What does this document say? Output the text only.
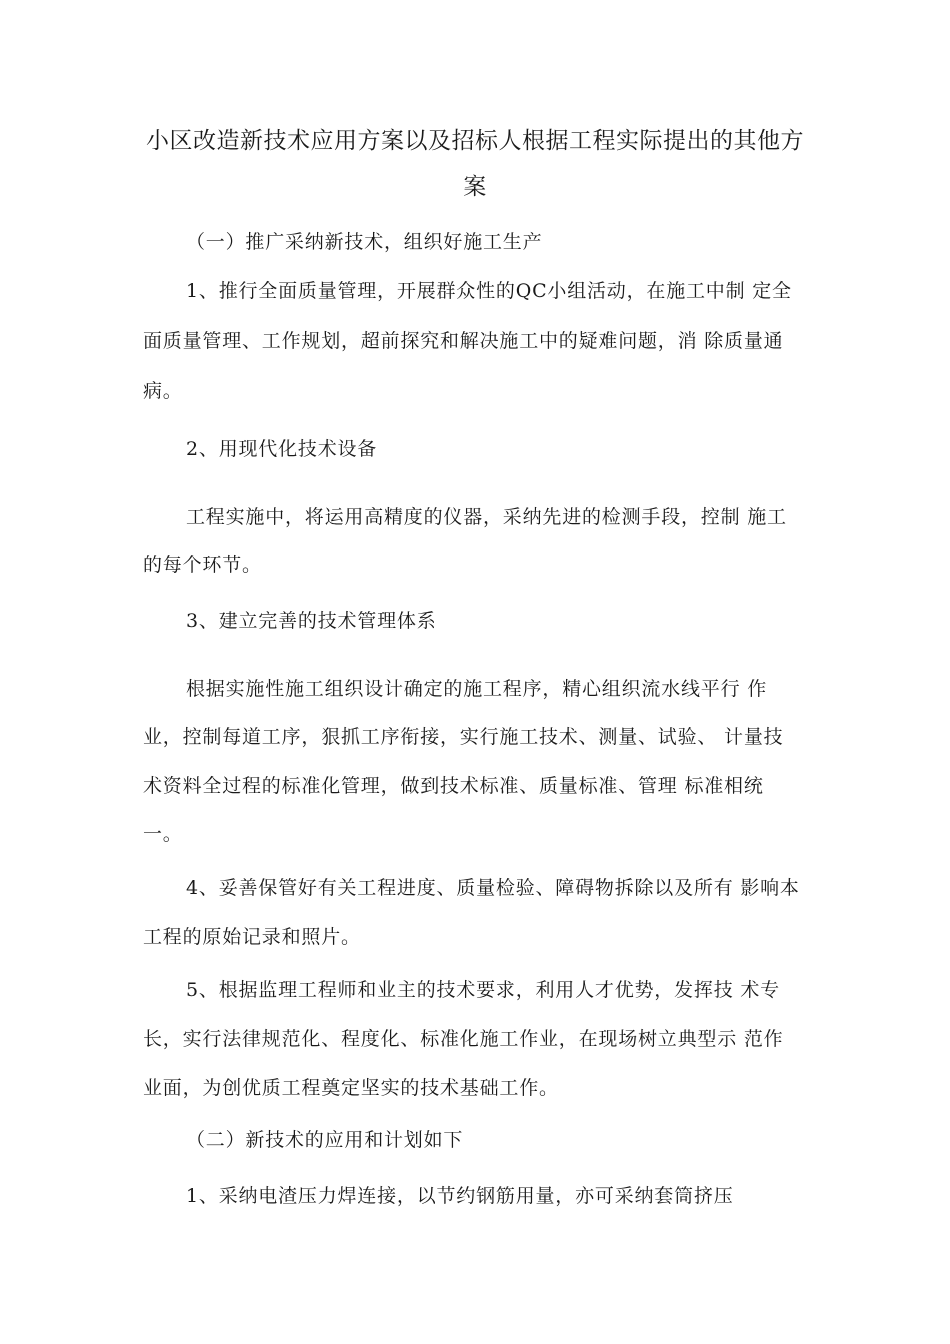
小区改造新技术应用方案以及招标人根据工程实际提出的其他方
案
（一）推广采纳新技术，组织好施工生产
1、推行全面质量管理，开展群众性的QC小组活动，在施工中制 定全
面质量管理、工作规划，超前探究和解决施工中的疑难问题，消 除质量通
病。
2、用现代化技术设备
工程实施中，将运用高精度的仪器，采纳先进的检测手段，控制 施工
的每个环节。
3、建立完善的技术管理体系
根据实施性施工组织设计确定的施工程序，精心组织流水线平行 作
业，控制每道工序，狠抓工序衔接，实行施工技术、测量、试验、 计量技
术资料全过程的标准化管理，做到技术标准、质量标准、管理 标准相统
一。
4、妥善保管好有关工程进度、质量检验、障碍物拆除以及所有 影响本
工程的原始记录和照片。
5、根据监理工程师和业主的技术要求，利用人才优势，发挥技 术专
长，实行法律规范化、程度化、标准化施工作业，在现场树立典型示 范作
业面，为创优质工程奠定坚实的技术基础工作。
（二）新技术的应用和计划如下
1、采纳电渣压力焊连接，以节约钢筋用量，亦可采纳套筒挤压
